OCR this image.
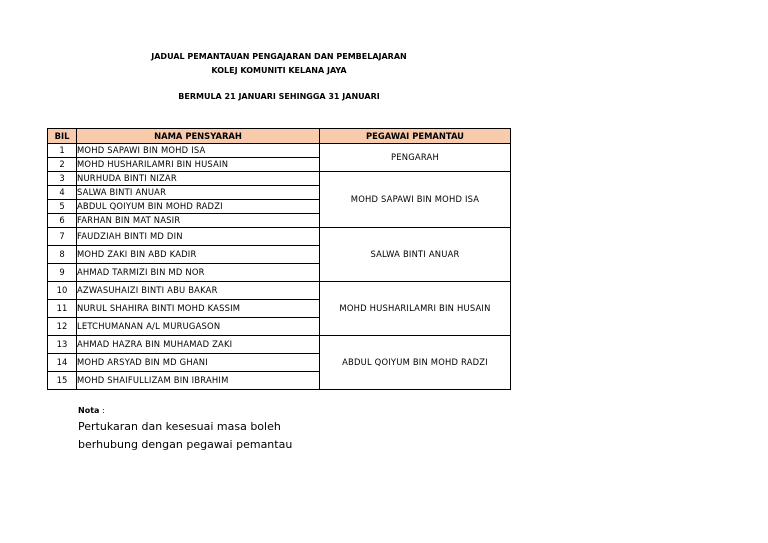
JADUAL PEMANTAUAN PENGAJARAN DAN PEMBELAJARAN
KOLEJ KOMUNITI KELANA JAYA
BERMULA 21 JANUARI SEHINGGA 31 JANUARI
BIL	NAMA PENSYARAH	PEGAWAI PEMANTAU
1	MOHD SAPAWI BIN MOHD ISA	PENGARAH
2	MOHD HUSHARILAMRI BIN HUSAIN	
3	NURHUDA BINTI NIZAR	MOHD SAPAWI BIN MOHD ISA
4	SALWA BINTI ANUAR	
5	ABDUL QOIYUM BIN MOHD RADZI	
6	FARHAN BIN MAT NASIR	
7	FAUDZIAH BINTI MD DIN	SALWA BINTI ANUAR
8	MOHD ZAKI BIN ABD KADIR	
9	AHMAD TARMIZI BIN MD NOR	
10	AZWASUHAIZI BINTI ABU BAKAR	MOHD HUSHARILAMRI BIN HUSAIN
11	NURUL SHAHIRA BINTI MOHD KASSIM	
12	LETCHUMANAN A/L MURUGASON	
13	AHMAD HAZRA BIN MUHAMAD ZAKI	ABDUL QOIYUM BIN MOHD RADZI
14	MOHD ARSYAD BIN MD GHANI	
15	MOHD SHAIFULLIZAM BIN IBRAHIM	
Nota :
Pertukaran dan kesesuai masa boleh
berhubung dengan pegawai pemantau
